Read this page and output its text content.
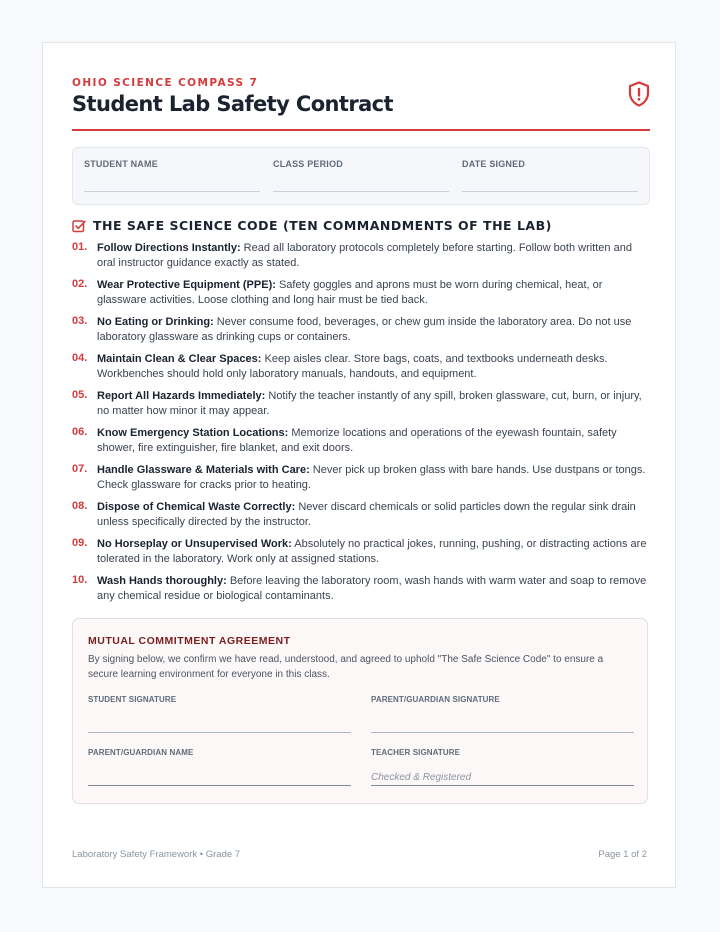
OHIO SCIENCE COMPASS 7
Student Lab Safety Contract
STUDENT NAME	CLASS PERIOD	DATE SIGNED
THE SAFE SCIENCE CODE (TEN COMMANDMENTS OF THE LAB)
01. Follow Directions Instantly: Read all laboratory protocols completely before starting. Follow both written and oral instructor guidance exactly as stated.
02. Wear Protective Equipment (PPE): Safety goggles and aprons must be worn during chemical, heat, or glassware activities. Loose clothing and long hair must be tied back.
03. No Eating or Drinking: Never consume food, beverages, or chew gum inside the laboratory area. Do not use laboratory glassware as drinking cups or containers.
04. Maintain Clean & Clear Spaces: Keep aisles clear. Store bags, coats, and textbooks underneath desks. Workbenches should hold only laboratory manuals, handouts, and equipment.
05. Report All Hazards Immediately: Notify the teacher instantly of any spill, broken glassware, cut, burn, or injury, no matter how minor it may appear.
06. Know Emergency Station Locations: Memorize locations and operations of the eyewash fountain, safety shower, fire extinguisher, fire blanket, and exit doors.
07. Handle Glassware & Materials with Care: Never pick up broken glass with bare hands. Use dustpans or tongs. Check glassware for cracks prior to heating.
08. Dispose of Chemical Waste Correctly: Never discard chemicals or solid particles down the regular sink drain unless specifically directed by the instructor.
09. No Horseplay or Unsupervised Work: Absolutely no practical jokes, running, pushing, or distracting actions are tolerated in the laboratory. Work only at assigned stations.
10. Wash Hands thoroughly: Before leaving the laboratory room, wash hands with warm water and soap to remove any chemical residue or biological contaminants.
MUTUAL COMMITMENT AGREEMENT
By signing below, we confirm we have read, understood, and agreed to uphold "The Safe Science Code" to ensure a secure learning environment for everyone in this class.
STUDENT SIGNATURE	PARENT/GUARDIAN SIGNATURE
PARENT/GUARDIAN NAME	TEACHER SIGNATURE
Checked & Registered
Laboratory Safety Framework • Grade 7	Page 1 of 2
